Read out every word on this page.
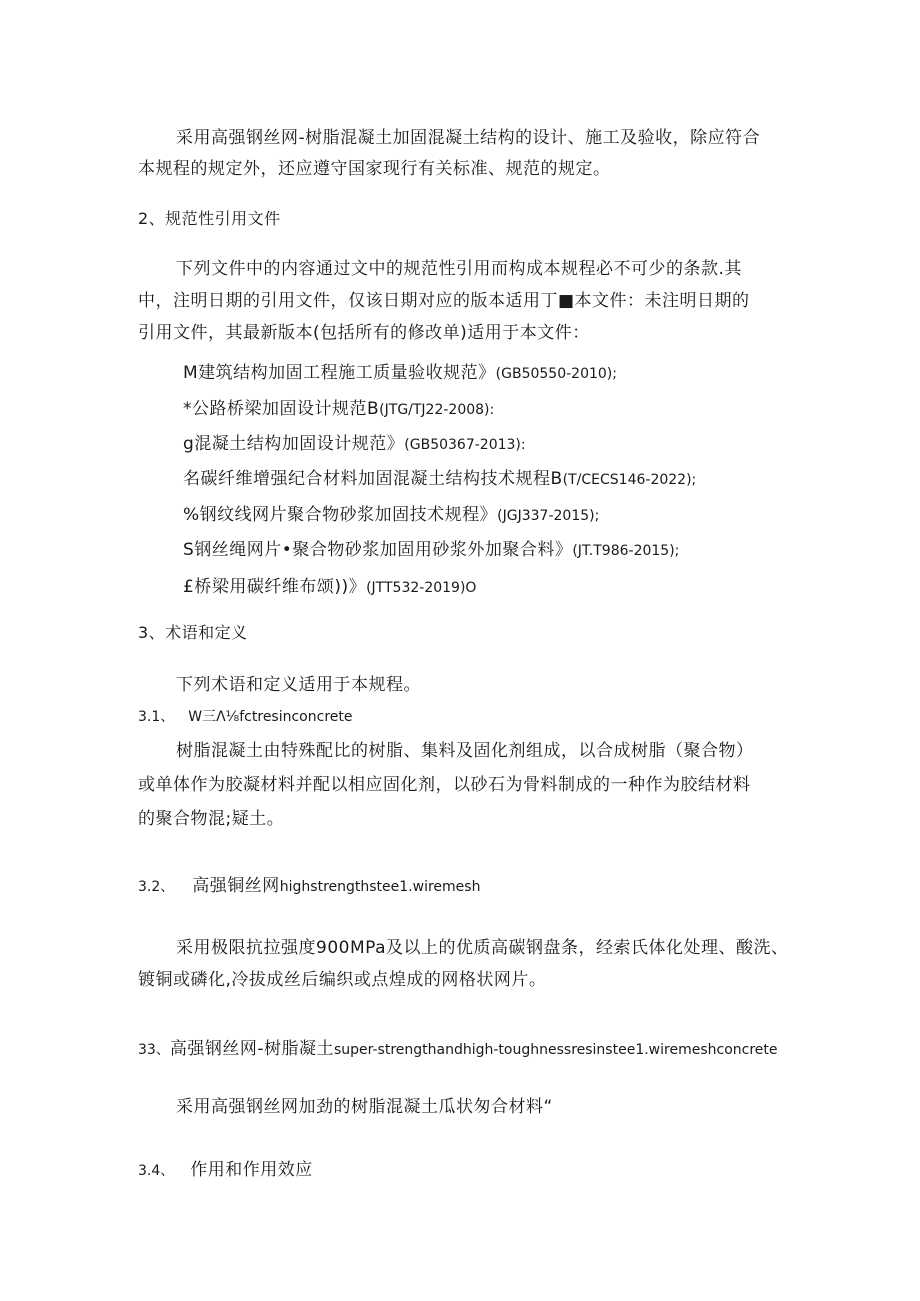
采用高强钢丝网-树脂混凝土加固混凝土结构的设计、施工及验收，除应符合
本规程的规定外，还应遵守国家现行有关标准、规范的规定。
2、规范性引用文件
下列文件中的内容通过文中的规范性引用而构成本规程必不可少的条款.其
中，注明日期的引用文件，仅该日期对应的版本适用丁■本文件：未注明日期的
引用文件，其最新版本(包括所有的修改单)适用于本文件：
M建筑结构加固工程施工质量验收规范》(GB50550-2010);
*公路桥梁加固设计规范B(JTG/TJ22-2008):
g混凝土结构加固设计规范》(GB50367-2013):
名碳纤维增强纪合材料加固混凝土结构技术规程B(T/CECS146-2022);
%钢纹线网片聚合物砂浆加固技术规程》(JGJ337-2015);
S钢丝绳网片•聚合物砂浆加固用砂浆外加聚合料》(JT.T986-2015);
£桥梁用碳纤维布颂))》(JTT532-2019)O
3、术语和定义
下列术语和定义适用于本规程。
3.1、 W三Λ⅛fctresinconcrete
树脂混凝土由特殊配比的树脂、集料及固化剂组成，以合成树脂（聚合物）
或单体作为胶凝材料并配以相应固化剂，以砂石为骨料制成的一种作为胶结材料
的聚合物混;疑土。
3.2、 高强铜丝网highstrengthstee1.wiremesh
采用极限抗拉强度900MPa及以上的优质高碳钢盘条，经索氏体化处理、酸洗、
镀铜或磷化,冷拔成丝后编织或点煌成的网格状网片。
33、高强钢丝网-树脂凝土super-strengthandhigh-toughnessresinstee1.wiremeshconcrete
采用高强钢丝网加劲的树脂混凝土瓜状匆合材料“
3.4、 作用和作用效应
